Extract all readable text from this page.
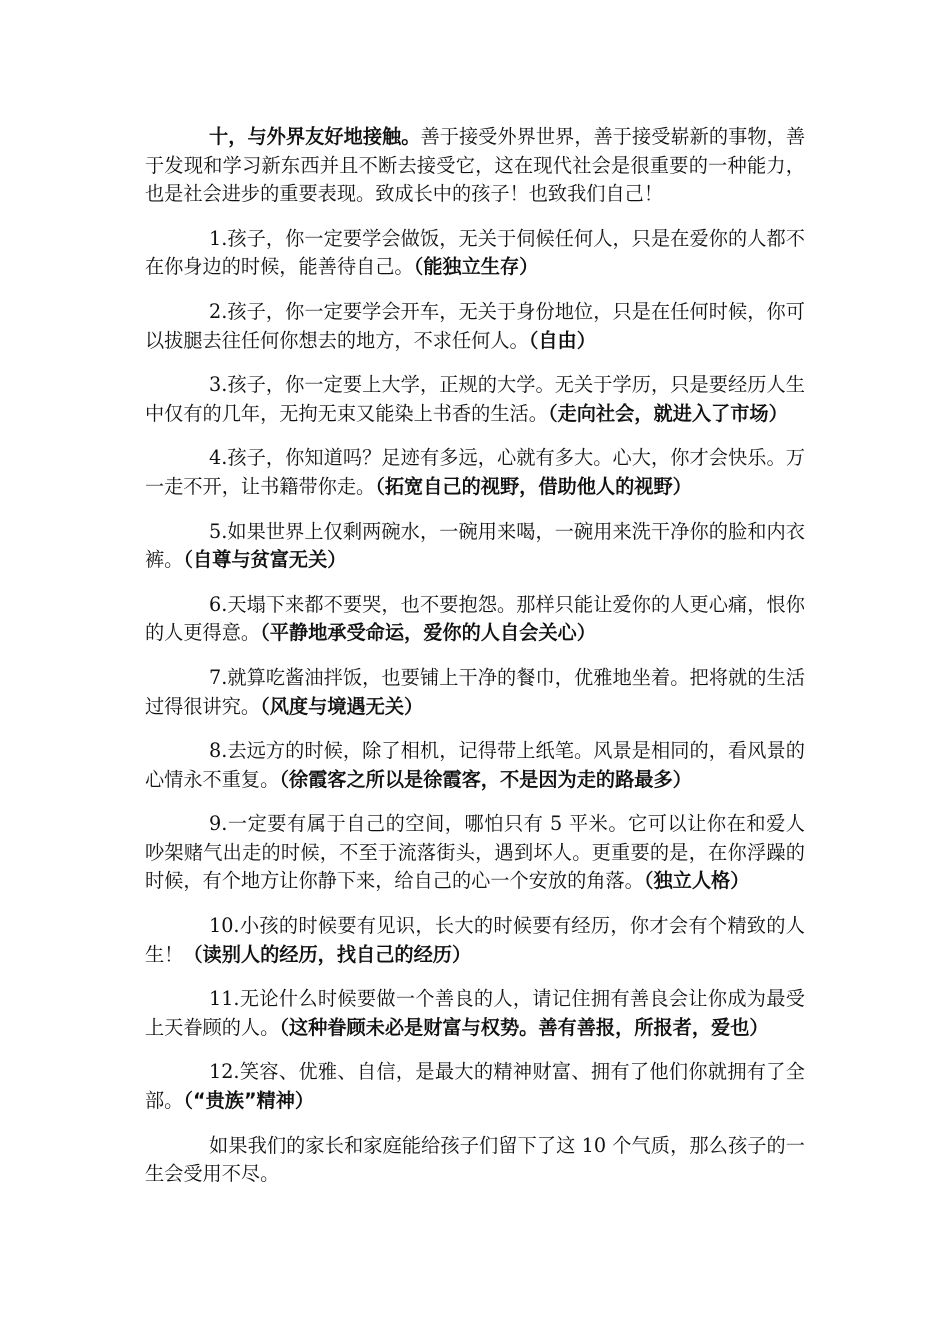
十，与外界友好地接触。善于接受外界世界，善于接受崭新的事物，善于发现和学习新东西并且不断去接受它，这在现代社会是很重要的一种能力，也是社会进步的重要表现。致成长中的孩子！也致我们自己！

1.孩子，你一定要学会做饭，无关于伺候任何人，只是在爱你的人都不在你身边的时候，能善待自己。（能独立生存）

2.孩子，你一定要学会开车，无关于身份地位，只是在任何时候，你可以拔腿去往任何你想去的地方，不求任何人。（自由）

3.孩子，你一定要上大学，正规的大学。无关于学历，只是要经历人生中仅有的几年，无拘无束又能染上书香的生活。（走向社会，就进入了市场）

4.孩子，你知道吗？足迹有多远，心就有多大。心大，你才会快乐。万一走不开，让书籍带你走。（拓宽自己的视野，借助他人的视野）

5.如果世界上仅剩两碗水，一碗用来喝，一碗用来洗干净你的脸和内衣裤。（自尊与贫富无关）

6.天塌下来都不要哭，也不要抱怨。那样只能让爱你的人更心痛，恨你的人更得意。（平静地承受命运，爱你的人自会关心）

7.就算吃酱油拌饭，也要铺上干净的餐巾，优雅地坐着。把将就的生活过得很讲究。（风度与境遇无关）

8.去远方的时候，除了相机，记得带上纸笔。风景是相同的，看风景的心情永不重复。（徐霞客之所以是徐霞客，不是因为走的路最多）

9.一定要有属于自己的空间，哪怕只有 5 平米。它可以让你在和爱人吵架赌气出走的时候，不至于流落街头，遇到坏人。更重要的是，在你浮躁的时候，有个地方让你静下来，给自己的心一个安放的角落。（独立人格）

10.小孩的时候要有见识，长大的时候要有经历，你才会有个精致的人生！（读别人的经历，找自己的经历）

11.无论什么时候要做一个善良的人，请记住拥有善良会让你成为最受上天眷顾的人。（这种眷顾未必是财富与权势。善有善报，所报者，爱也）

12.笑容、优雅、自信，是最大的精神财富、拥有了他们你就拥有了全部。（“贵族”精神）

如果我们的家长和家庭能给孩子们留下了这 10 个气质，那么孩子的一生会受用不尽。
